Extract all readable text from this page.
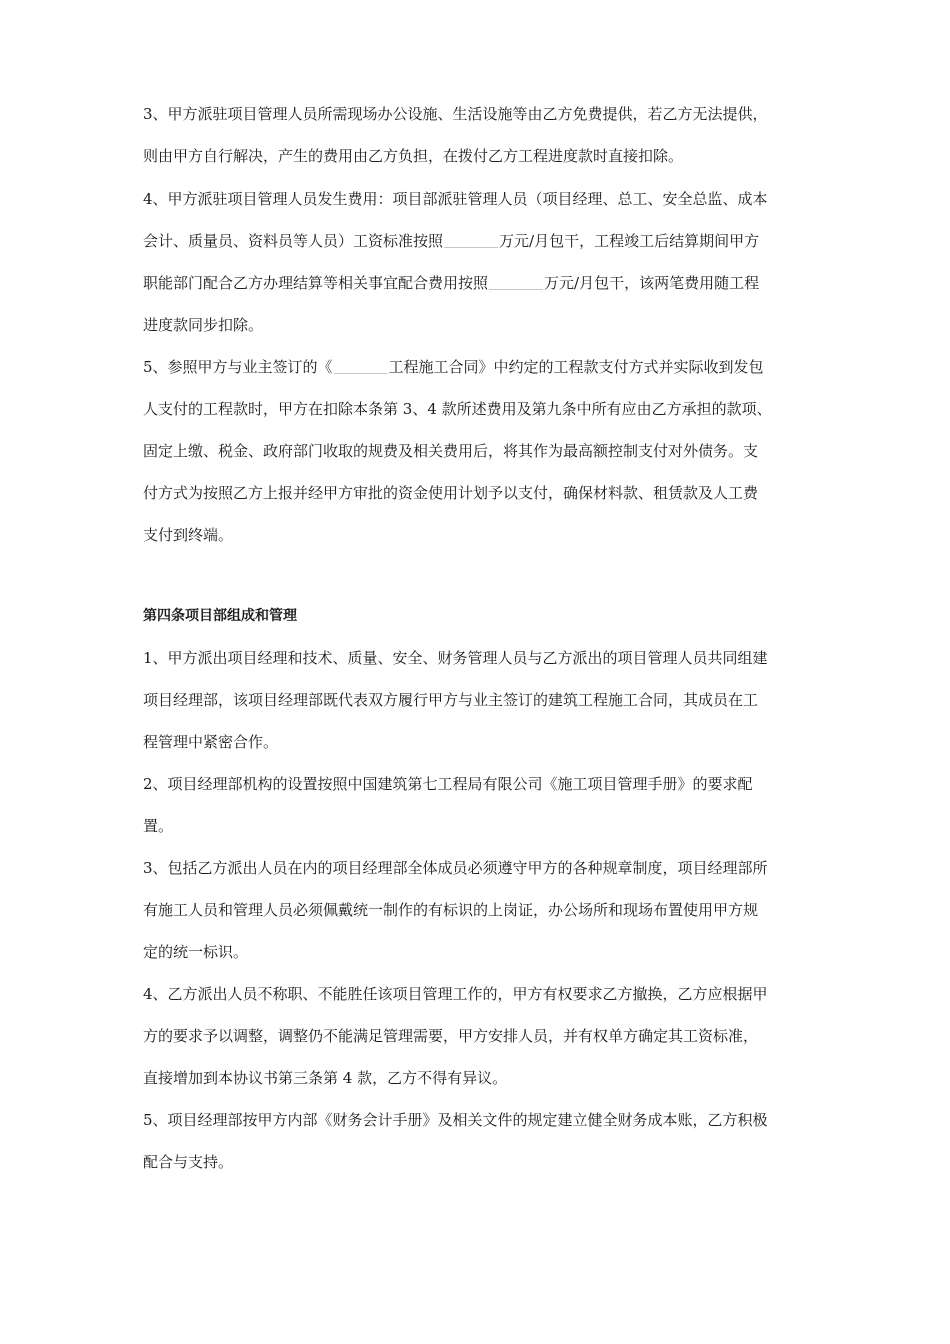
3、甲方派驻项目管理人员所需现场办公设施、生活设施等由乙方免费提供，若乙方无法提供，
则由甲方自行解决，产生的费用由乙方负担，在拨付乙方工程进度款时直接扣除。
4、甲方派驻项目管理人员发生费用：项目部派驻管理人员（项目经理、总工、安全总监、成本
会计、质量员、资料员等人员）工资标准按照	万元/月包干，工程竣工后结算期间甲方
职能部门配合乙方办理结算等相关事宜配合费用按照	万元/月包干，该两笔费用随工程
进度款同步扣除。
5、参照甲方与业主签订的《	工程施工合同》中约定的工程款支付方式并实际收到发包
人支付的工程款时，甲方在扣除本条第 3、4 款所述费用及第九条中所有应由乙方承担的款项、
固定上缴、税金、政府部门收取的规费及相关费用后，将其作为最高额控制支付对外债务。支
付方式为按照乙方上报并经甲方审批的资金使用计划予以支付，确保材料款、租赁款及人工费
支付到终端。
第四条项目部组成和管理
1、甲方派出项目经理和技术、质量、安全、财务管理人员与乙方派出的项目管理人员共同组建
项目经理部，该项目经理部既代表双方履行甲方与业主签订的建筑工程施工合同，其成员在工
程管理中紧密合作。
2、项目经理部机构的设置按照中国建筑第七工程局有限公司《施工项目管理手册》的要求配
置。
3、包括乙方派出人员在内的项目经理部全体成员必须遵守甲方的各种规章制度，项目经理部所
有施工人员和管理人员必须佩戴统一制作的有标识的上岗证，办公场所和现场布置使用甲方规
定的统一标识。
4、乙方派出人员不称职、不能胜任该项目管理工作的，甲方有权要求乙方撤换，乙方应根据甲
方的要求予以调整，调整仍不能满足管理需要，甲方安排人员，并有权单方确定其工资标准，
直接增加到本协议书第三条第 4 款，乙方不得有异议。
5、项目经理部按甲方内部《财务会计手册》及相关文件的规定建立健全财务成本账，乙方积极
配合与支持。
